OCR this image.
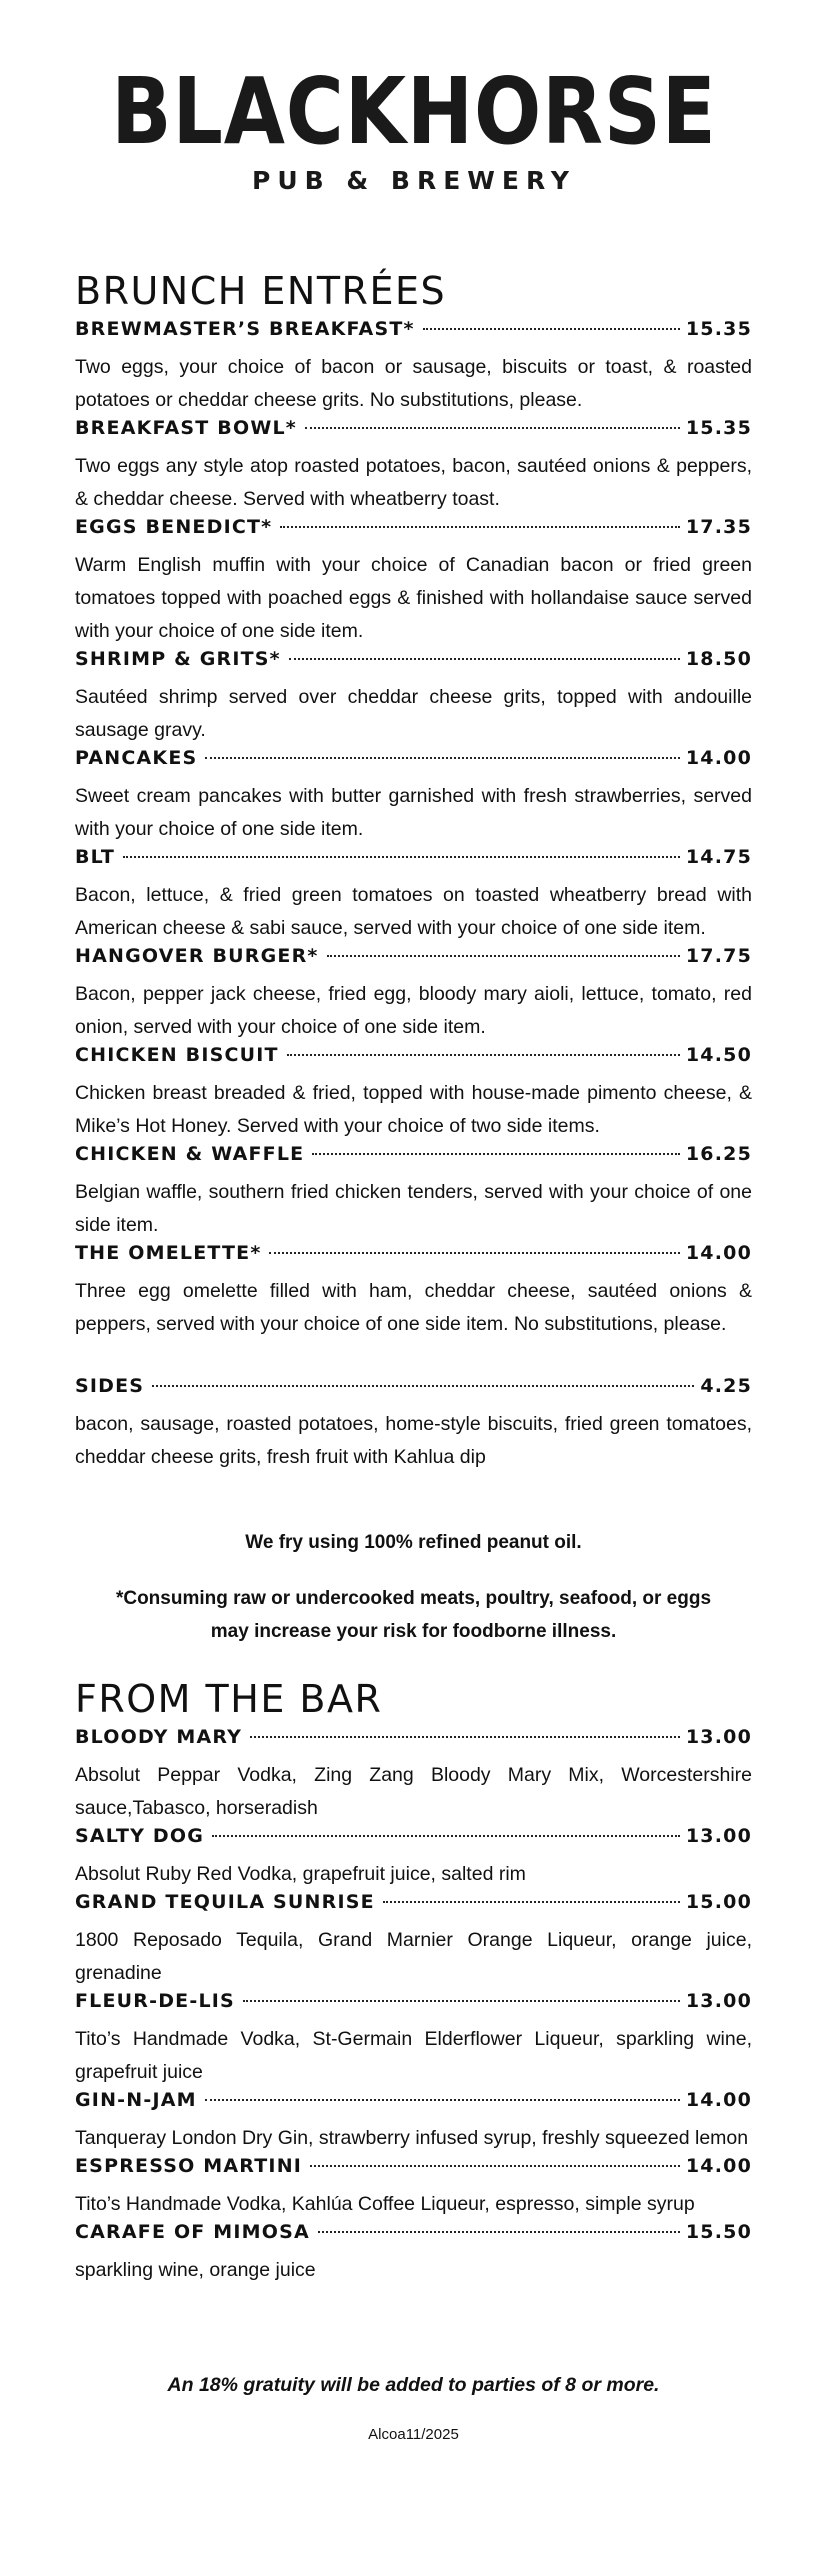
BLACKHORSE
PUB & BREWERY
BRUNCH ENTRÉES
BREWMASTER’S BREAKFAST*	15.35
Two eggs, your choice of bacon or sausage, biscuits or toast, & roasted potatoes or cheddar cheese grits. No substitutions, please.
BREAKFAST BOWL*	15.35
Two eggs any style atop roasted potatoes, bacon, sautéed onions & peppers, & cheddar cheese. Served with wheatberry toast.
EGGS BENEDICT*	17.35
Warm English muffin with your choice of Canadian bacon or fried green tomatoes topped with poached eggs & finished with hollandaise sauce served with your choice of one side item.
SHRIMP & GRITS*	18.50
Sautéed shrimp served over cheddar cheese grits, topped with andouille sausage gravy.
PANCAKES	14.00
Sweet cream pancakes with butter garnished with fresh strawberries, served with your choice of one side item.
BLT	14.75
Bacon, lettuce, & fried green tomatoes on toasted wheatberry bread with American cheese & sabi sauce, served with your choice of one side item.
HANGOVER BURGER*	17.75
Bacon, pepper jack cheese, fried egg, bloody mary aioli, lettuce, tomato, red onion, served with your choice of one side item.
CHICKEN BISCUIT	14.50
Chicken breast breaded & fried, topped with house-made pimento cheese, & Mike’s Hot Honey. Served with your choice of two side items.
CHICKEN & WAFFLE	16.25
Belgian waffle, southern fried chicken tenders, served with your choice of one side item.
THE OMELETTE*	14.00
Three egg omelette filled with ham, cheddar cheese, sautéed onions & peppers, served with your choice of one side item. No substitutions, please.
SIDES	4.25
bacon, sausage, roasted potatoes, home-style biscuits, fried green tomatoes, cheddar cheese grits, fresh fruit with Kahlua dip
We fry using 100% refined peanut oil.
*Consuming raw or undercooked meats, poultry, seafood, or eggs may increase your risk for foodborne illness.
FROM THE BAR
BLOODY MARY	13.00
Absolut Peppar Vodka, Zing Zang Bloody Mary Mix, Worcestershire sauce,Tabasco, horseradish
SALTY DOG	13.00
Absolut Ruby Red Vodka, grapefruit juice, salted rim
GRAND TEQUILA SUNRISE	15.00
1800 Reposado Tequila, Grand Marnier Orange Liqueur, orange juice, grenadine
FLEUR-DE-LIS	13.00
Tito’s Handmade Vodka, St-Germain Elderflower Liqueur, sparkling wine, grapefruit juice
GIN-N-JAM	14.00
Tanqueray London Dry Gin, strawberry infused syrup, freshly squeezed lemon
ESPRESSO MARTINI	14.00
Tito’s Handmade Vodka, Kahlúa Coffee Liqueur, espresso, simple syrup
CARAFE OF MIMOSA	15.50
sparkling wine, orange juice
An 18% gratuity will be added to parties of 8 or more.
Alcoa11/2025
